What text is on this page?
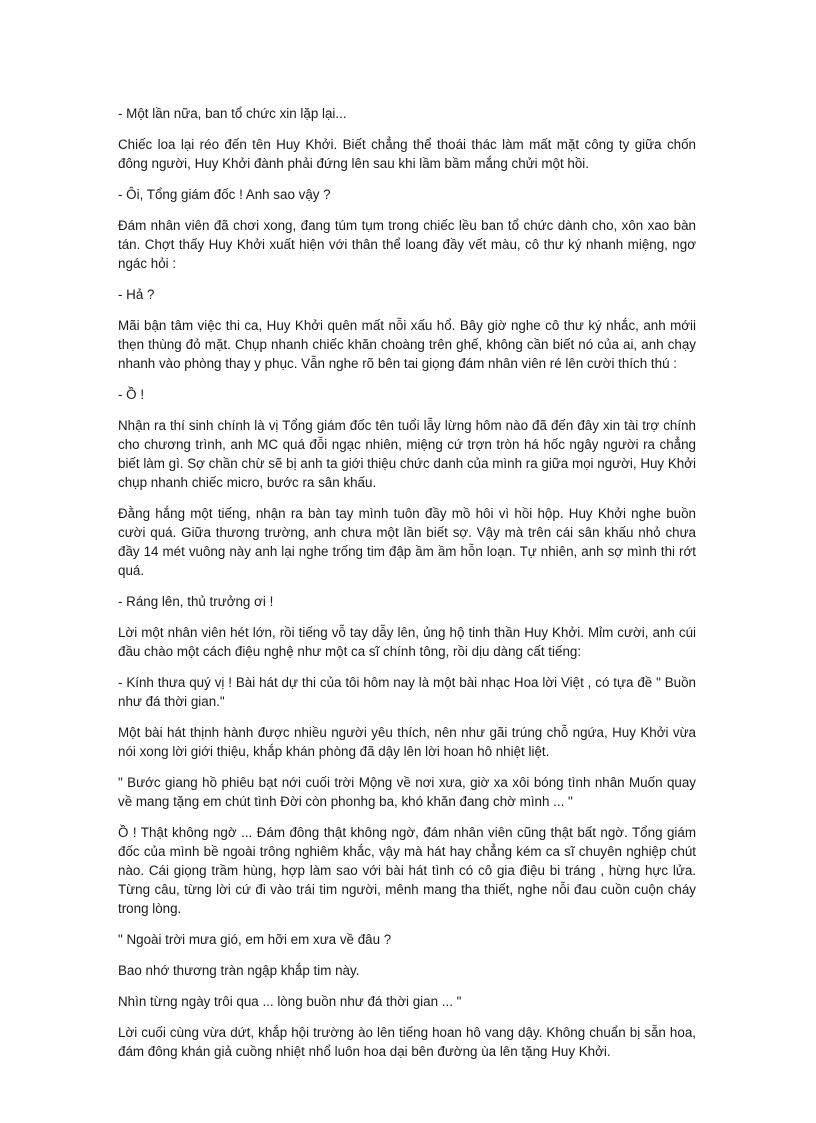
- Một lần nữa, ban tổ chức xin lặp lại...

Chiếc loa lại réo đến tên Huy Khởi. Biết chẳng thể thoái thác làm mất mặt công ty giữa chốn đông người, Huy Khởi đành phải đứng lên sau khi lầm bầm mắng chửi một hồi.

- Ôi, Tổng giám đốc ! Anh sao vậy ?

Đám nhân viên đã chơi xong, đang túm tụm trong chiếc lều ban tổ chức dành cho, xôn xao bàn tán. Chợt thấy Huy Khởi xuất hiện với thân thể loang đầy vết màu, cô thư ký nhanh miệng, ngơ ngác hỏi :

- Hả ?

Mãi bận tâm việc thi ca, Huy Khởi quên mất nỗi xấu hổ. Bây giờ nghe cô thư ký nhắc, anh mớii thẹn thùng đỏ mặt. Chụp nhanh chiếc khăn choàng trên ghế, không cần biết nó của ai, anh chạy nhanh vào phòng thay y phục. Vẫn nghe rõ bên tai giọng đám nhân viên ré lên cười thích thú :

- Ồ !

Nhận ra thí sinh chính là vị Tổng giám đốc tên tuổi lẫy lừng hôm nào đã đến đây xin tài trợ chính cho chương trình, anh MC quá đỗi ngạc nhiên, miệng cứ trợn tròn há hốc ngây người ra chẳng biết làm gì. Sợ chần chừ sẽ bị anh ta giới thiệu chức danh của mình ra giữa mọi người, Huy Khởi chụp nhanh chiếc micro, bước ra sân khấu.

Đằng hắng một tiếng, nhận ra bàn tay mình tuôn đầy mồ hôi vì hồi hộp. Huy Khởi nghe buồn cười quá. Giữa thương trường, anh chưa một lần biết sợ. Vậy mà trên cái sân khấu nhỏ chưa đầy 14 mét vuông này anh lại nghe trống tim đập ầm ầm hỗn loạn. Tự nhiên, anh sợ mình thi rớt quá.

- Ráng lên, thủ trưởng ơi !

Lời một nhân viên hét lớn, rồi tiếng vỗ tay dẫy lên, ủng hộ tinh thần Huy Khởi. Mỉm cười, anh cúi đầu chào một cách điệu nghệ như một ca sĩ chính tông, rồi dịu dàng cất tiếng:

- Kính thưa quý vị ! Bài hát dự thi của tôi hôm nay là một bài nhạc Hoa lời Việt , có tựa đề " Buồn như đá thời gian."

Một bài hát thịnh hành được nhiều người yêu thích, nên như gãi trúng chỗ ngứa, Huy Khởi vừa nói xong lời giới thiệu, khắp khán phòng đã dậy lên lời hoan hô nhiệt liệt.

" Bước giang hồ phiêu bạt nới cuối trời Mộng về nơi xưa, giờ xa xôi bóng tình nhân Muốn quay về mang tặng em chút tình Đời còn phonhg ba, khó khăn đang chờ mình ... "

Ồ ! Thật không ngờ ... Đám đông thật không ngờ, đám nhân viên cũng thật bất ngờ. Tổng giám đốc của mình bề ngoài trông nghiêm khắc, vậy mà hát hay chẳng kém ca sĩ chuyên nghiệp chút nào. Cái giọng trầm hùng, hợp làm sao với bài hát tình có cô gia điệu bi tráng , hừng hực lửa. Từng câu, từng lời cứ đi vào trái tim người, mênh mang tha thiết, nghe nỗi đau cuồn cuộn cháy trong lòng.

" Ngoài trời mưa gió, em hỡi em xưa về đâu ?

Bao nhớ thương tràn ngập khắp tim này.

Nhìn từng ngày trôi qua ... lòng buồn như đá thời gian ... "

Lời cuối cùng vừa dứt, khắp hội trường ào lên tiếng hoan hô vang dậy. Không chuẩn bị sẵn hoa, đám đông khán giả cuồng nhiệt nhổ luôn hoa dại bên đường ùa lên tặng Huy Khởi.
